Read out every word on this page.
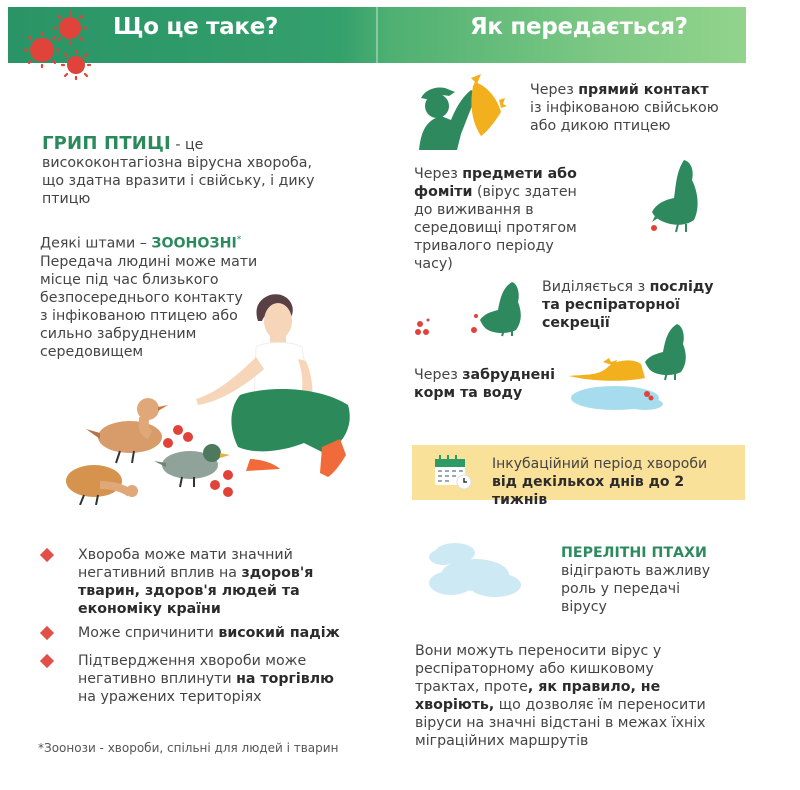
Що це таке?	Як передається?
ГРИП ПТИЦІ - це
висококонтагіозна вірусна хвороба,
що здатна вразити і свійську, і дику
птицю
Деякі штами – ЗООНОЗНІ*
Передача людині може мати
місце під час близького
безпосереднього контакту
з інфікованою птицею або
сильно забрудненим
середовищем
Хвороба може мати значний
негативний вплив на здоров'я
тварин, здоров'я людей та
економіку країни
Може спричинити високий падіж
Підтвердження хвороби може
негативно вплинути на торгівлю
на уражених територіях
*Зоонози - хвороби, спільні для людей і тварин
Через прямий контакт
із інфікованою свійською
або дикою птицею
Через предмети або
фоміти (вірус здатен
до виживання в
середовищі протягом
тривалого періоду
часу)
Виділяється з посліду
та респіраторної
секреції
Через забруднені
корм та воду
Інкубаційний період хвороби
від декількох днів до 2 тижнів
ПЕРЕЛІТНІ ПТАХИ
відіграють важливу
роль у передачі
вірусу
Вони можуть переносити вірус у
респіраторному або кишковому
трактах, проте, як правило, не
хворіють, що дозволяє їм переносити
віруси на значні відстані в межах їхніх
міграційних маршрутів
